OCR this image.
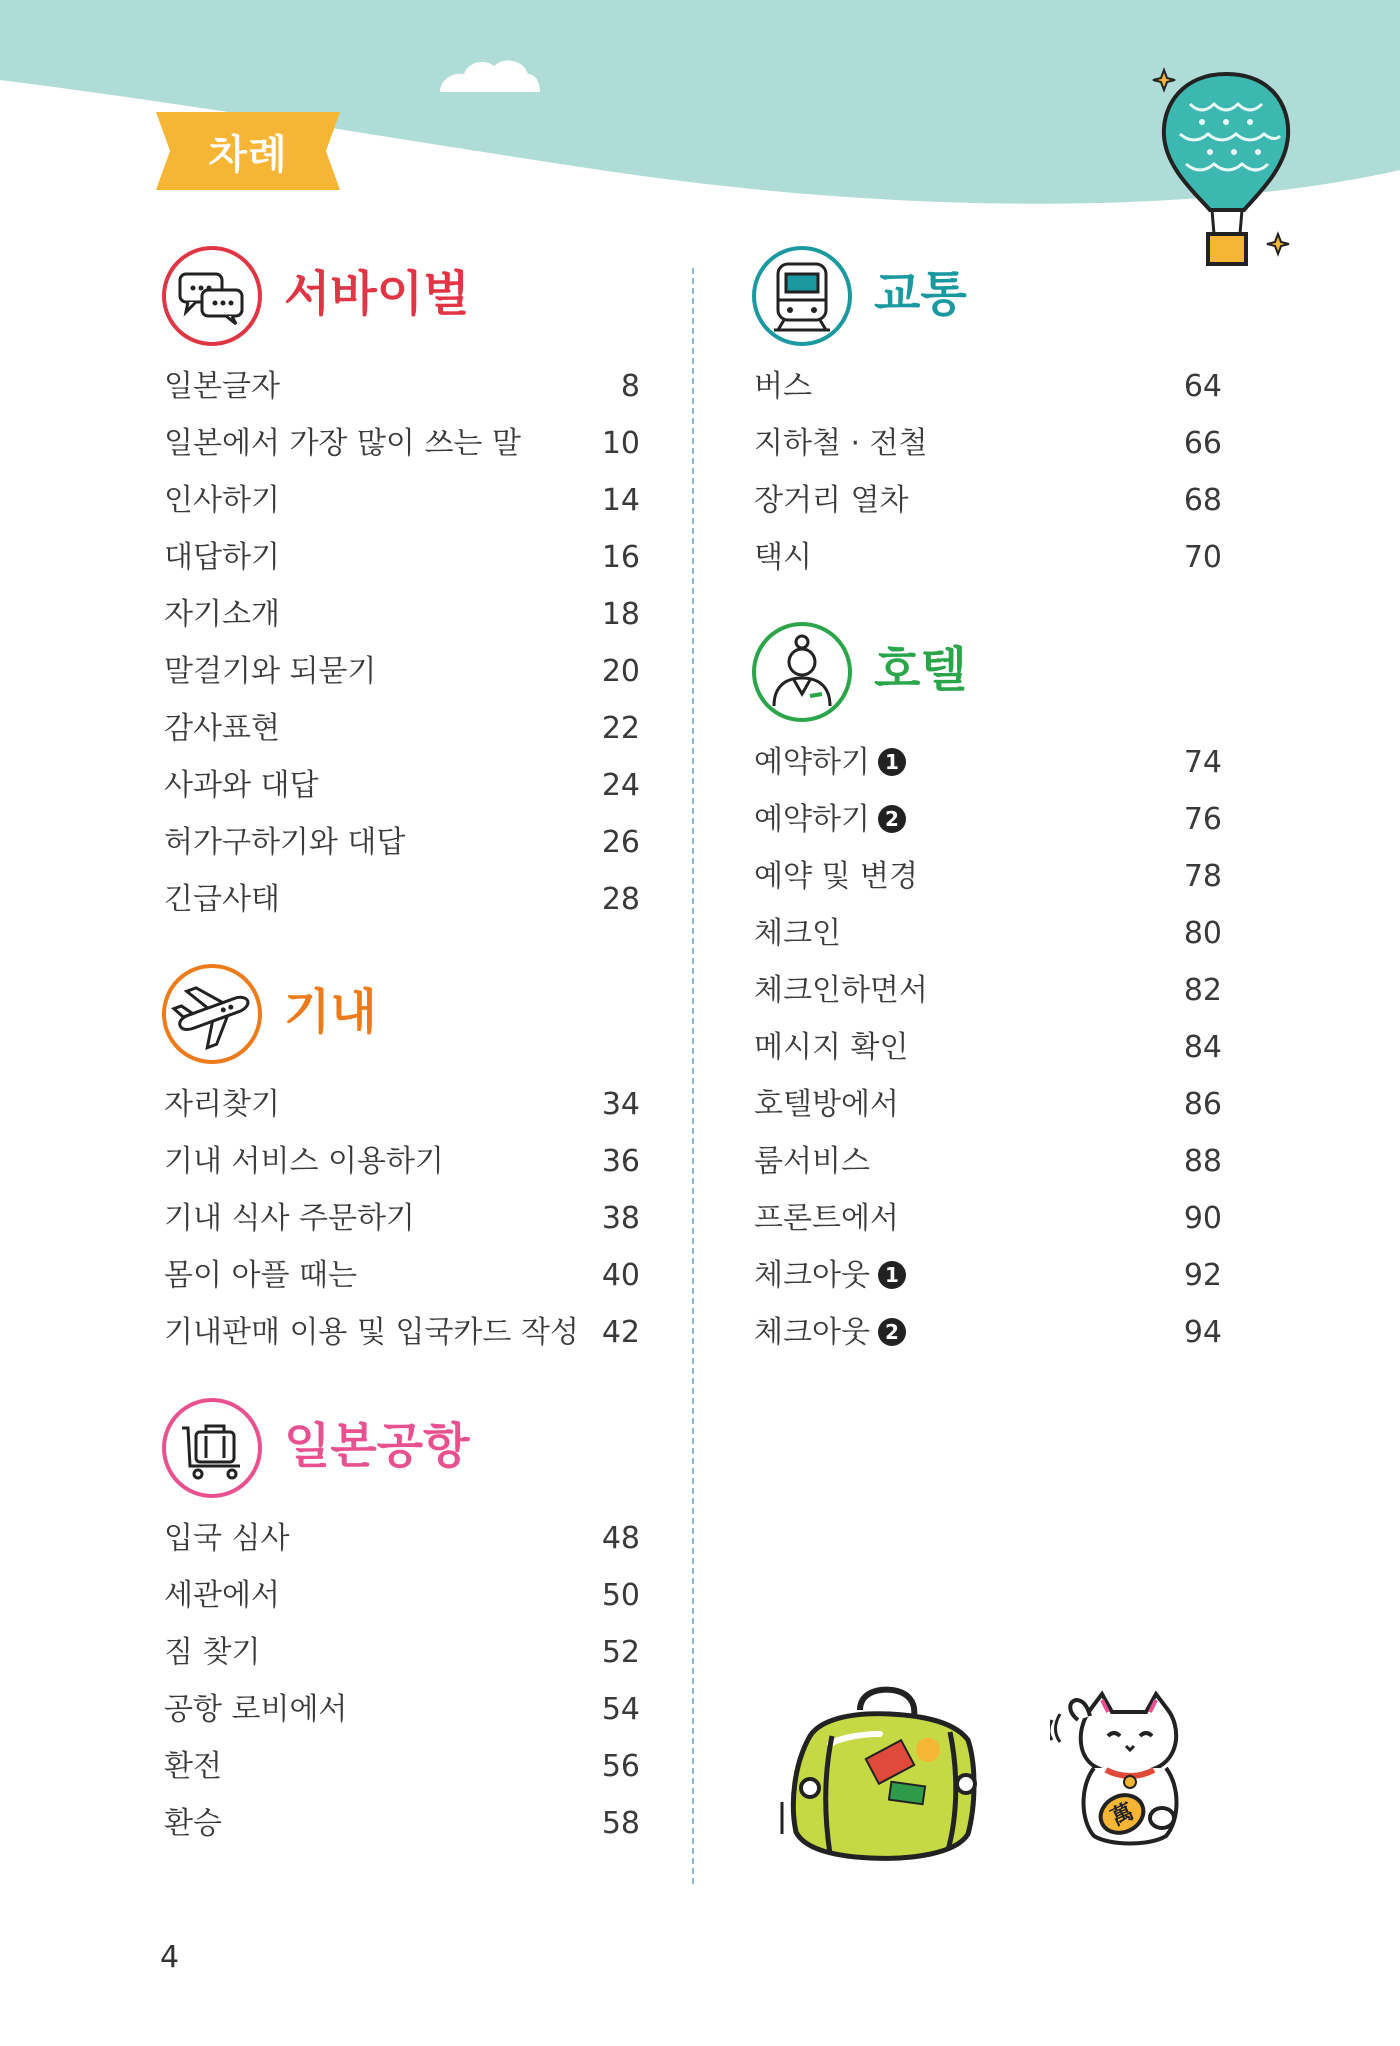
차례
서바이벌
일본글자	8
일본에서 가장 많이 쓰는 말	10
인사하기	14
대답하기	16
자기소개	18
말걸기와 되묻기	20
감사표현	22
사과와 대답	24
허가구하기와 대답	26
긴급사태	28
기내
자리찾기	34
기내 서비스 이용하기	36
기내 식사 주문하기	38
몸이 아플 때는	40
기내판매 이용 및 입국카드 작성 42
일본공항
입국 심사	48
세관에서	50
짐 찾기	52
공항 로비에서	54
환전	56
환승	58
교통
버스	64
지하철 · 전철	66
장거리 열차	68
택시	70
호텔
예약하기 1	74
예약하기 2	76
예약 및 변경	78
체크인	80
체크인하면서	82
메시지 확인	84
호텔방에서	86
룸서비스	88
프론트에서	90
체크아웃 1	92
체크아웃 2	94
萬
4
